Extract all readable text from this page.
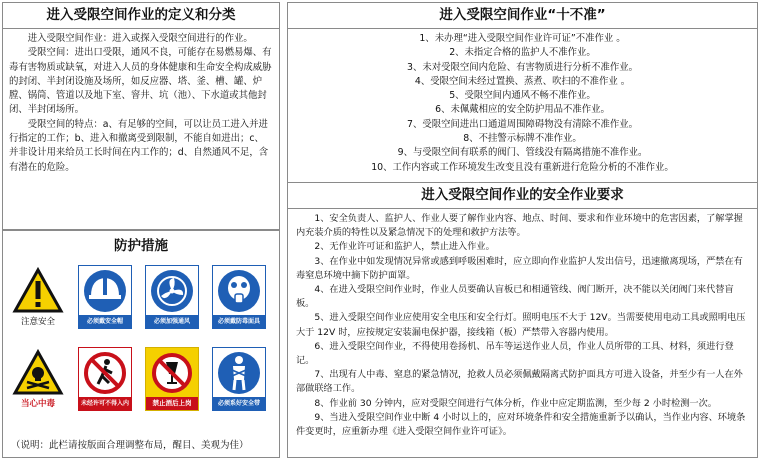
进入受限空间作业的定义和分类

进入受限空间作业：进入或探入受限空间进行的作业。

受限空间：进出口受限，通风不良，可能存在易燃易爆、有毒有害物质或缺氧，对进入人员的身体健康和生命安全构成威胁的封闭、半封闭设施及场所，如反应器、塔、釜、槽、罐、炉膛、锅筒、管道以及地下室、窨井、坑（池）、下水道或其他封闭、半封闭场所。

受限空间的特点：a、有足够的空间，可以让员工进入并进行指定的工作；b、进入和撤离受到限制，不能自如进出；c、并非设计用来给员工长时间在内工作的；d、自然通风不足，含有潜在的危险。

防护措施
注意安全	必须戴安全帽	必须加强通风	必须戴防毒面具
当心中毒	未经许可不得入内	禁止酒后上岗	必须系好安全带
（说明：此栏请按版面合理调整布局，醒目、美观为佳）
进入受限空间作业“十不准”

1、未办理“进入受限空间作业许可证”不准作业 。

2、未指定合格的监护人不准作业。

3、未对受限空间内危险、有害物质进行分析不准作业。

4、受限空间未经过置换、蒸煮、吹扫的不准作业 。

5、受限空间内通风不畅不准作业。

6、未佩戴相应的安全防护用品不准作业。

7、受限空间进出口通道周围障碍物没有清除不准作业。

8、不挂警示标牌不准作业。

9、与受限空间有联系的阀门、管线没有隔离措施不准作业。

10、工作内容或工作环境发生改变且没有重新进行危险分析的不准作业。

进入受限空间作业的安全作业要求

1、安全负责人、监护人、作业人要了解作业内容、地点、时间、要求和作业环境中的危害因素，了解掌握内充装介质的特性以及紧急情况下的处理和救护方法等。

2、无作业许可证和监护人，禁止进入作业。

3、在作业中如发现情况异常或感到呼吸困难时，应立即向作业监护人发出信号，迅速撤离现场，严禁在有毒窒息环境中摘下防护面罩。

4、在进入受限空间作业时，作业人员要确认盲板已和相通管线、阀门断开，决不能以关闭阀门来代替盲板。

5、进入受限空间作业应使用安全电压和安全行灯。照明电压不大于 12V。当需要使用电动工具或照明电压大于 12V 时，应按规定安装漏电保护器，接线箱（板）严禁带入容器内使用。

6、进入受限空间作业，不得使用卷扬机、吊车等运送作业人员，作业人员所带的工具、材料，须进行登记。

7、出现有人中毒、窒息的紧急情况，抢救人员必须佩戴隔离式防护面具方可进入设备，并至少有一人在外部做联络工作。

8、作业前 30 分钟内，应对受限空间进行气体分析，作业中应定期监测，至少每 2 小时检测一次。

9、当进入受限空间作业中断 4 小时以上的，应对环境条件和安全措施重新予以确认，当作业内容、环境条件变更时，应重新办理《进入受限空间作业许可证》。
